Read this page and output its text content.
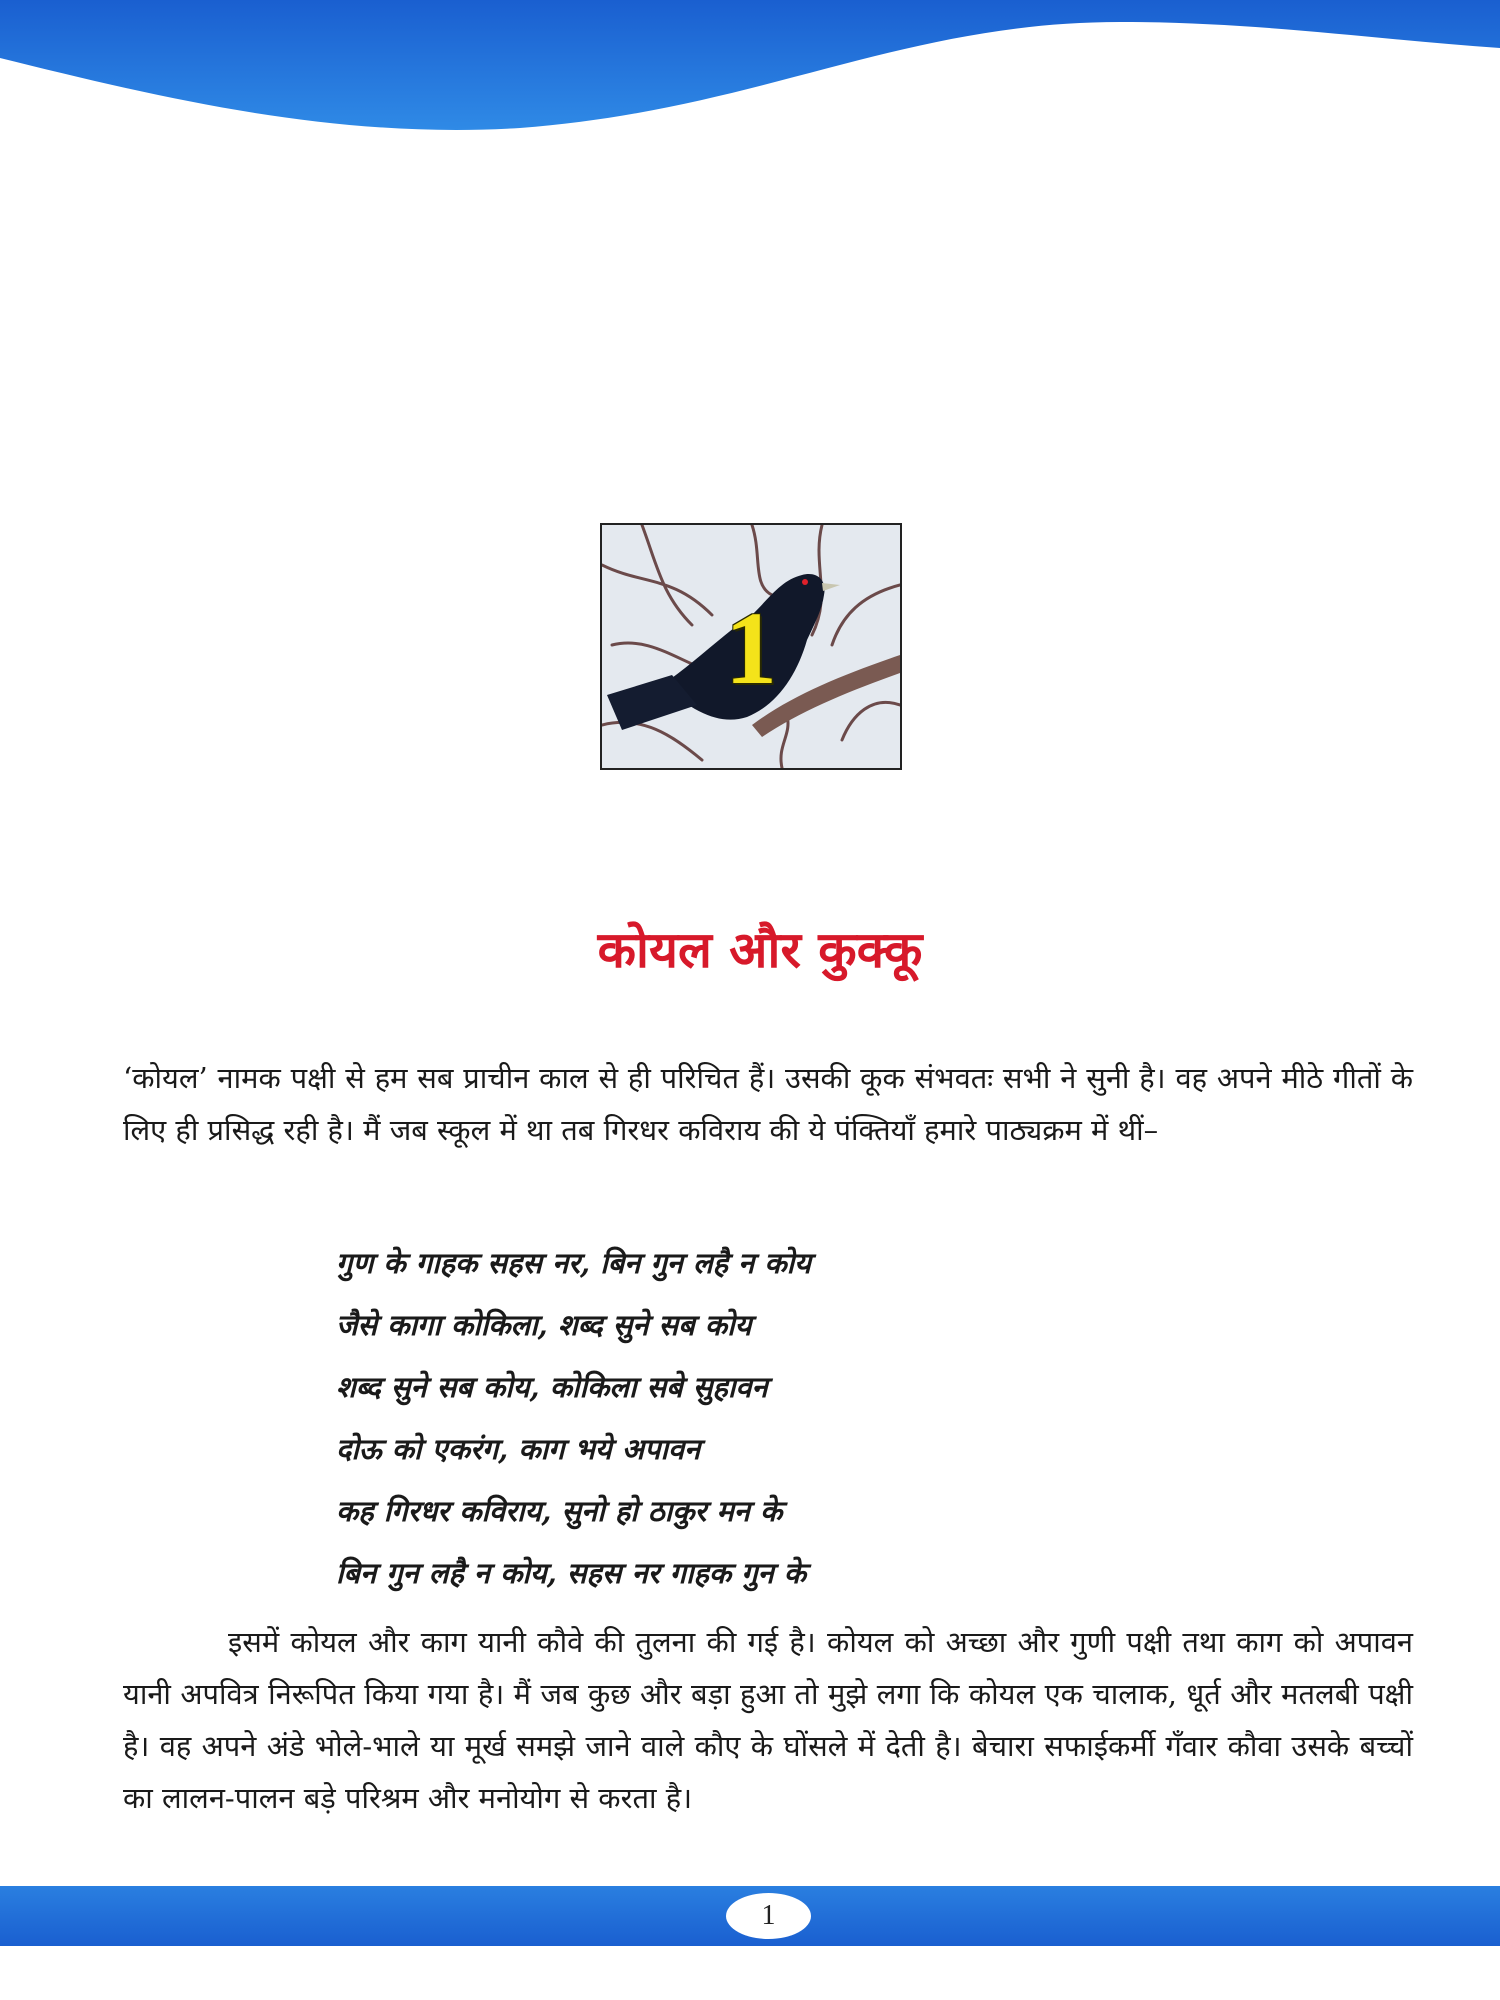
1
कोयल और कुक्कू

‘कोयल’ नामक पक्षी से हम सब प्राचीन काल से ही परिचित हैं। उसकी कूक संभवतः सभी ने सुनी है। वह अपने मीठे गीतों के लिए ही प्रसिद्ध रही है। मैं जब स्कूल में था तब गिरधर कविराय की ये पंक्तियाँ हमारे पाठ्यक्रम में थीं–

गुण के गाहक सहस नर, बिन गुन लहै न कोय
जैसे कागा कोकिला, शब्द सुने सब कोय
शब्द सुने सब कोय, कोकिला सबे सुहावन
दोऊ को एकरंग, काग भये अपावन
कह गिरधर कविराय, सुनो हो ठाकुर मन के
बिन गुन लहै न कोय, सहस नर गाहक गुन के

इसमें कोयल और काग यानी कौवे की तुलना की गई है। कोयल को अच्छा और गुणी पक्षी तथा काग को अपावन यानी अपवित्र निरूपित किया गया है। मैं जब कुछ और बड़ा हुआ तो मुझे लगा कि कोयल एक चालाक, धूर्त और मतलबी पक्षी है। वह अपने अंडे भोले-भाले या मूर्ख समझे जाने वाले कौए के घोंसले में देती है। बेचारा सफाईकर्मी गँवार कौवा उसके बच्चों का लालन-पालन बड़े परिश्रम और मनोयोग से करता है।

1
